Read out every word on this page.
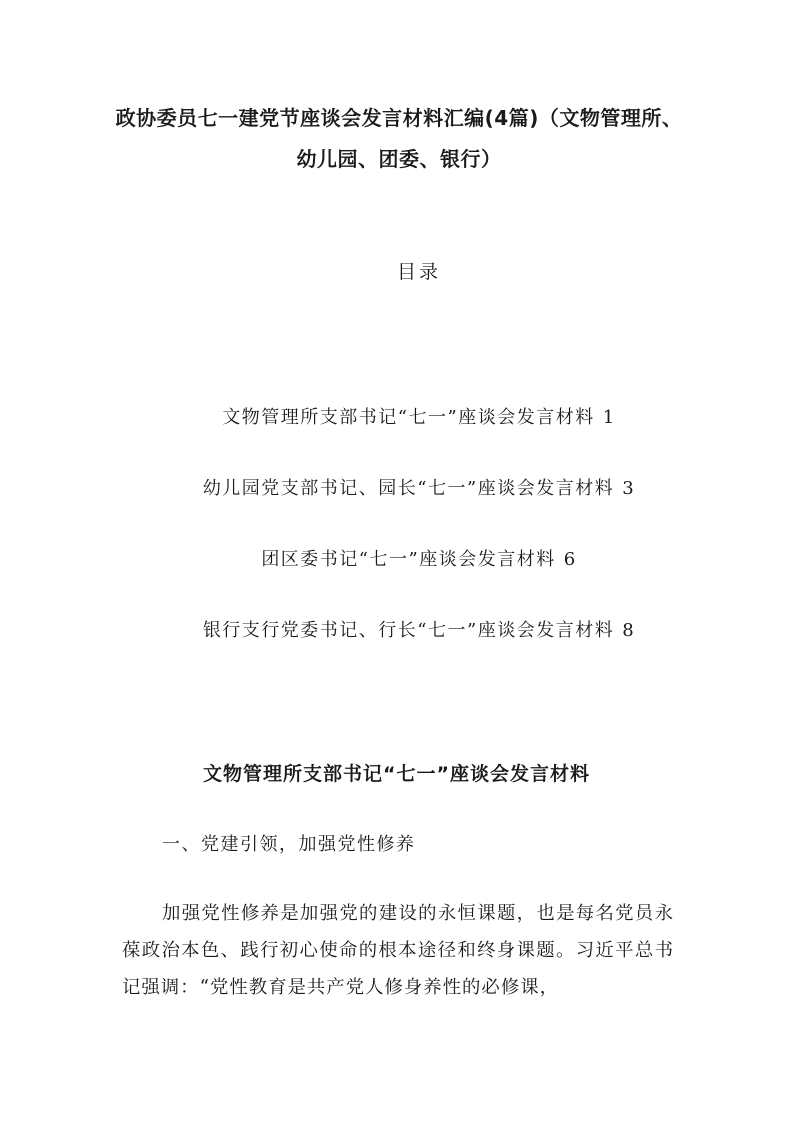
政协委员七一建党节座谈会发言材料汇编(4篇)（文物管理所、幼儿园、团委、银行）
目录
文物管理所支部书记“七一”座谈会发言材料 1
幼儿园党支部书记、园长“七一”座谈会发言材料 3
团区委书记“七一”座谈会发言材料 6
银行支行党委书记、行长“七一”座谈会发言材料 8
文物管理所支部书记“七一”座谈会发言材料
一、党建引领，加强党性修养
加强党性修养是加强党的建设的永恒课题，也是每名党员永葆政治本色、践行初心使命的根本途径和终身课题。习近平总书记强调：“党性教育是共产党人修身养性的必修课，
